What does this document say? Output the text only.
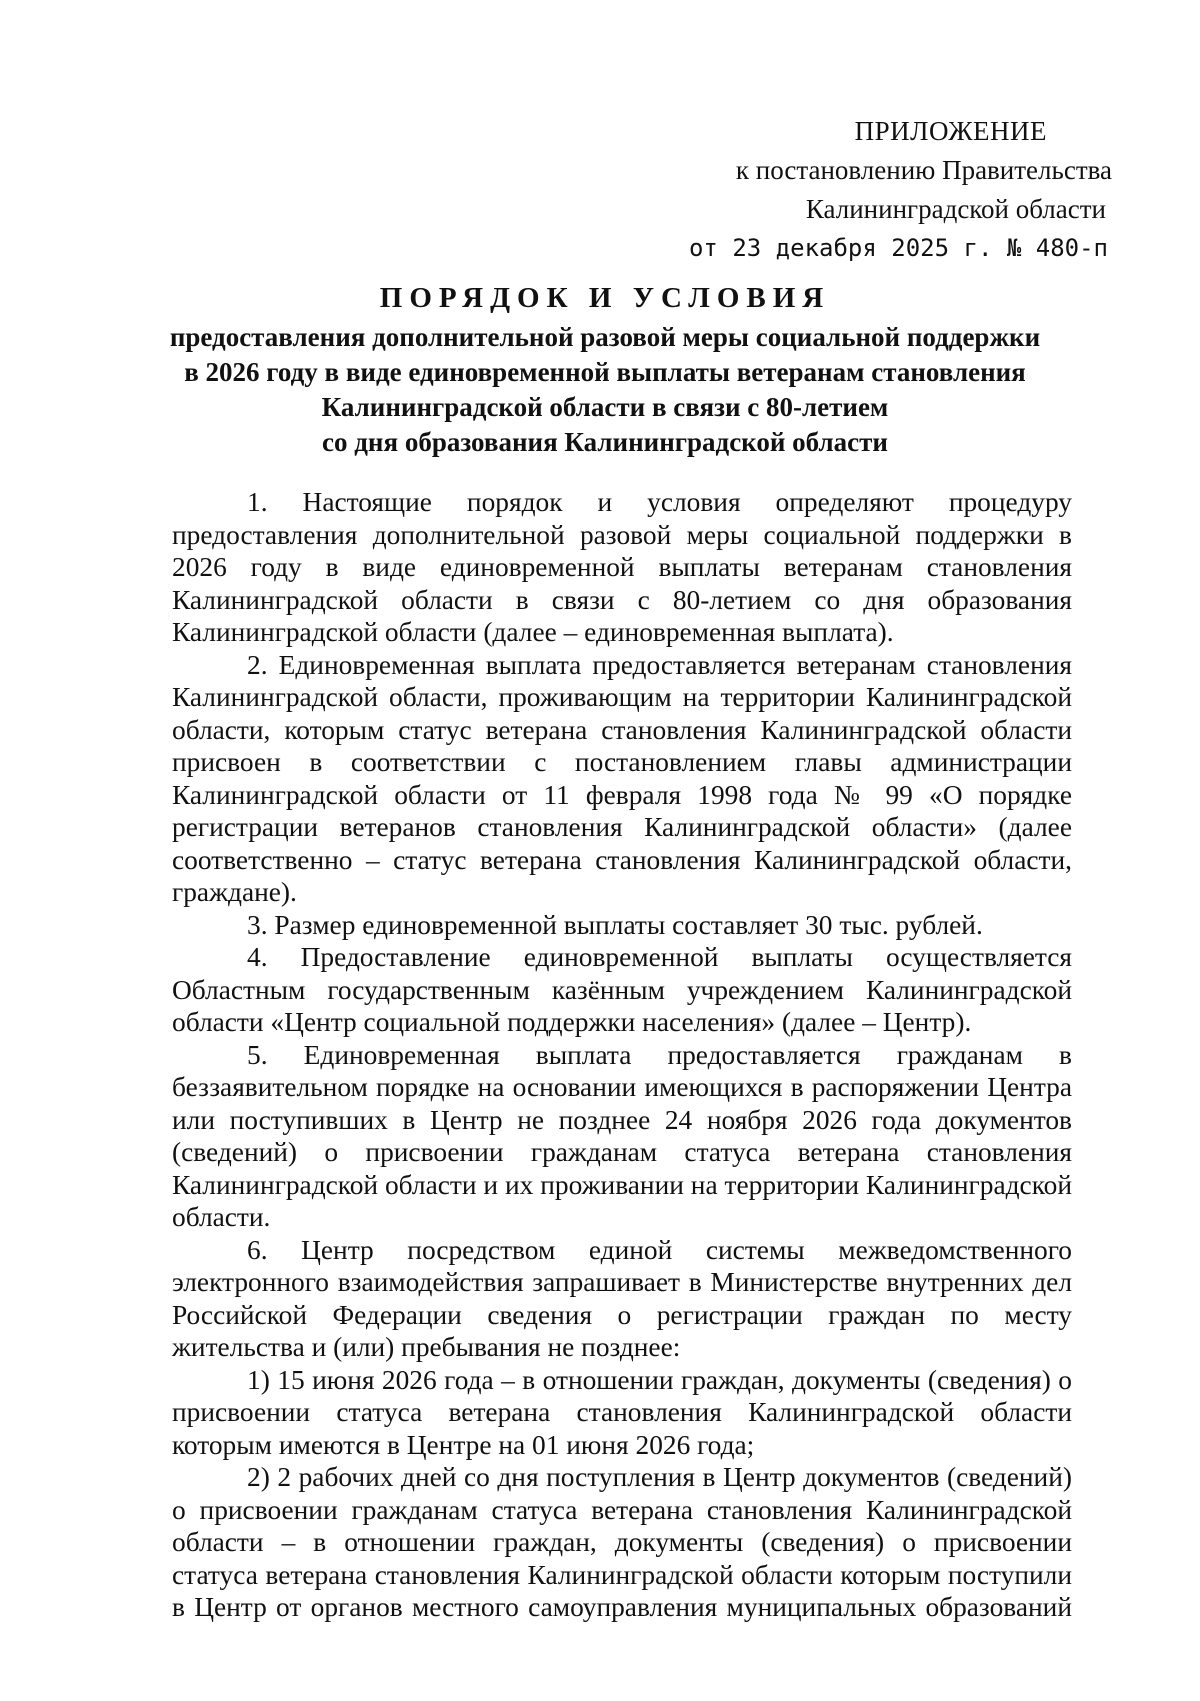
ПРИЛОЖЕНИЕ
к постановлению Правительства
Калининградской области
от 23 декабря 2025 г. № 480-п
ПОРЯДОК И УСЛОВИЯ
предоставления дополнительной разовой меры социальной поддержки
в 2026 году в виде единовременной выплаты ветеранам становления
Калининградской области в связи с 80-летием
со дня образования Калининградской области

1. Настоящие порядок и условия определяют процедуру предоставления дополнительной разовой меры социальной поддержки в 2026 году в виде единовременной выплаты ветеранам становления Калининградской области в связи с 80-летием со дня образования Калининградской области (далее – единовременная выплата).

2. Единовременная выплата предоставляется ветеранам становления Калининградской области, проживающим на территории Калининградской области, которым статус ветерана становления Калининградской области присвоен в соответствии с постановлением главы администрации Калининградской области от 11 февраля 1998 года № 99 «О порядке регистрации ветеранов становления Калининградской области» (далее соответственно – статус ветерана становления Калининградской области, граждане).

3. Размер единовременной выплаты составляет 30 тыс. рублей.

4. Предоставление единовременной выплаты осуществляется Областным государственным казённым учреждением Калининградской области «Центр социальной поддержки населения» (далее – Центр).

5. Единовременная выплата предоставляется гражданам в беззаявительном порядке на основании имеющихся в распоряжении Центра или поступивших в Центр не позднее 24 ноября 2026 года документов (сведений) о присвоении гражданам статуса ветерана становления Калининградской области и их проживании на территории Калининградской области.

6. Центр посредством единой системы межведомственного электронного взаимодействия запрашивает в Министерстве внутренних дел Российской Федерации сведения о регистрации граждан по месту жительства и (или) пребывания не позднее:

1) 15 июня 2026 года – в отношении граждан, документы (сведения) о присвоении статуса ветерана становления Калининградской области которым имеются в Центре на 01 июня 2026 года;

2) 2 рабочих дней со дня поступления в Центр документов (сведений) о присвоении гражданам статуса ветерана становления Калининградской области – в отношении граждан, документы (сведения) о присвоении статуса ветерана становления Калининградской области которым поступили в Центр от органов местного самоуправления муниципальных образований
